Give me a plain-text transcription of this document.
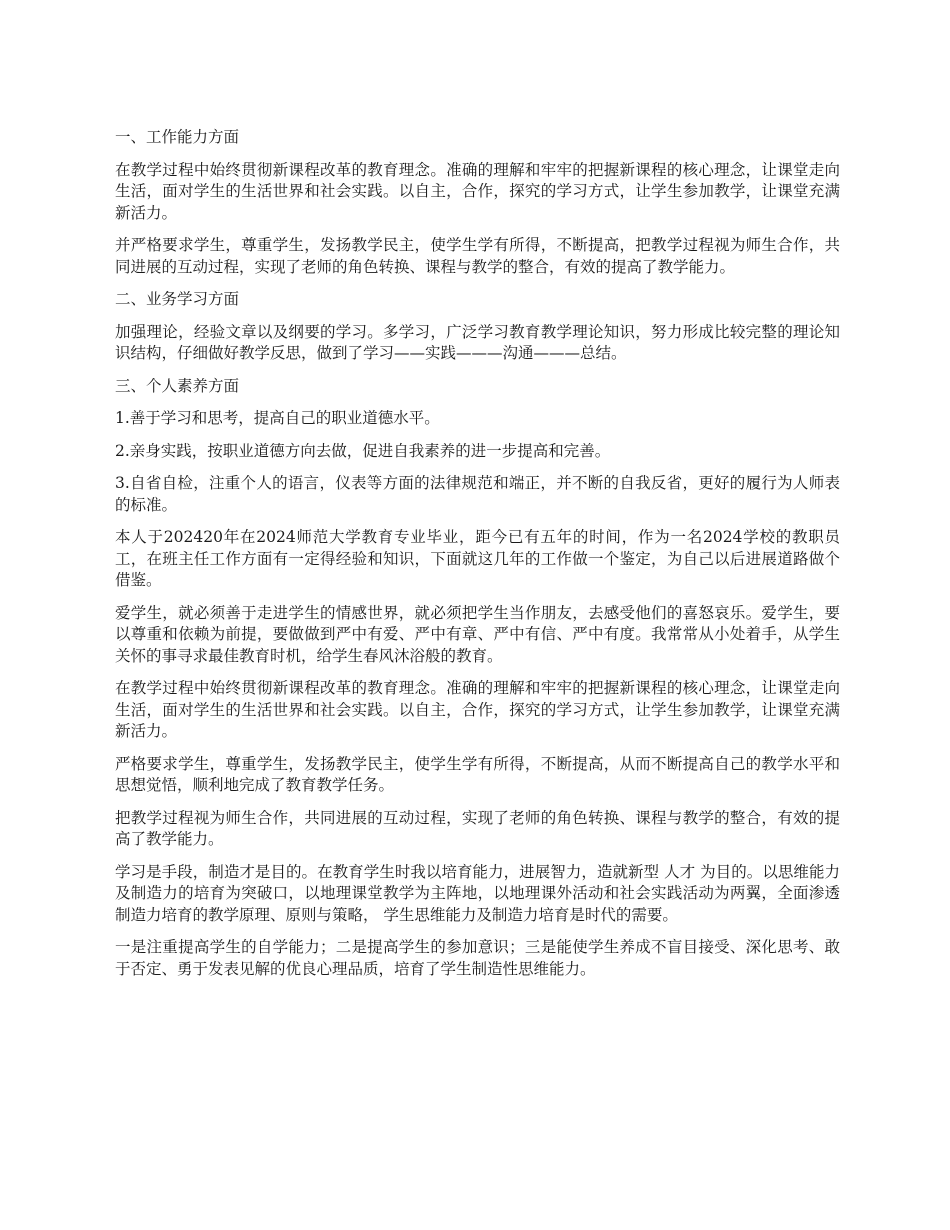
一、工作能力方面

在教学过程中始终贯彻新课程改革的教育理念。准确的理解和牢牢的把握新课程的核心理念，让课堂走向生活，面对学生的生活世界和社会实践。以自主，合作，探究的学习方式，让学生参加教学，让课堂充满新活力。

并严格要求学生，尊重学生，发扬教学民主，使学生学有所得，不断提高，把教学过程视为师生合作，共同进展的互动过程，实现了老师的角色转换、课程与教学的整合，有效的提高了教学能力。

二、业务学习方面

加强理论，经验文章以及纲要的学习。多学习，广泛学习教育教学理论知识，努力形成比较完整的理论知识结构，仔细做好教学反思，做到了学习——实践———沟通———总结。

三、个人素养方面

1.善于学习和思考，提高自己的职业道德水平。

2.亲身实践，按职业道德方向去做，促进自我素养的进一步提高和完善。

3.自省自检，注重个人的语言，仪表等方面的法律规范和端正，并不断的自我反省，更好的履行为人师表的标准。

本人于202420年在2024师范大学教育专业毕业，距今已有五年的时间，作为一名2024学校的教职员工，在班主任工作方面有一定得经验和知识，下面就这几年的工作做一个鉴定，为自己以后进展道路做个借鉴。

爱学生，就必须善于走进学生的情感世界，就必须把学生当作朋友，去感受他们的喜怒哀乐。爱学生，要以尊重和依赖为前提，要做做到严中有爱、严中有章、严中有信、严中有度。我常常从小处着手，从学生关怀的事寻求最佳教育时机，给学生春风沐浴般的教育。

在教学过程中始终贯彻新课程改革的教育理念。准确的理解和牢牢的把握新课程的核心理念，让课堂走向生活，面对学生的生活世界和社会实践。以自主，合作，探究的学习方式，让学生参加教学，让课堂充满新活力。

严格要求学生，尊重学生，发扬教学民主，使学生学有所得，不断提高，从而不断提高自己的教学水平和思想觉悟，顺利地完成了教育教学任务。

把教学过程视为师生合作，共同进展的互动过程，实现了老师的角色转换、课程与教学的整合，有效的提高了教学能力。

学习是手段，制造才是目的。在教育学生时我以培育能力，进展智力，造就新型 人才 为目的。以思维能力及制造力的培育为突破口，以地理课堂教学为主阵地，以地理课外活动和社会实践活动为两翼，全面渗透制造力培育的教学原理、原则与策略， 学生思维能力及制造力培育是时代的需要。

一是注重提高学生的自学能力；二是提高学生的参加意识；三是能使学生养成不盲目接受、深化思考、敢于否定、勇于发表见解的优良心理品质，培育了学生制造性思维能力。
